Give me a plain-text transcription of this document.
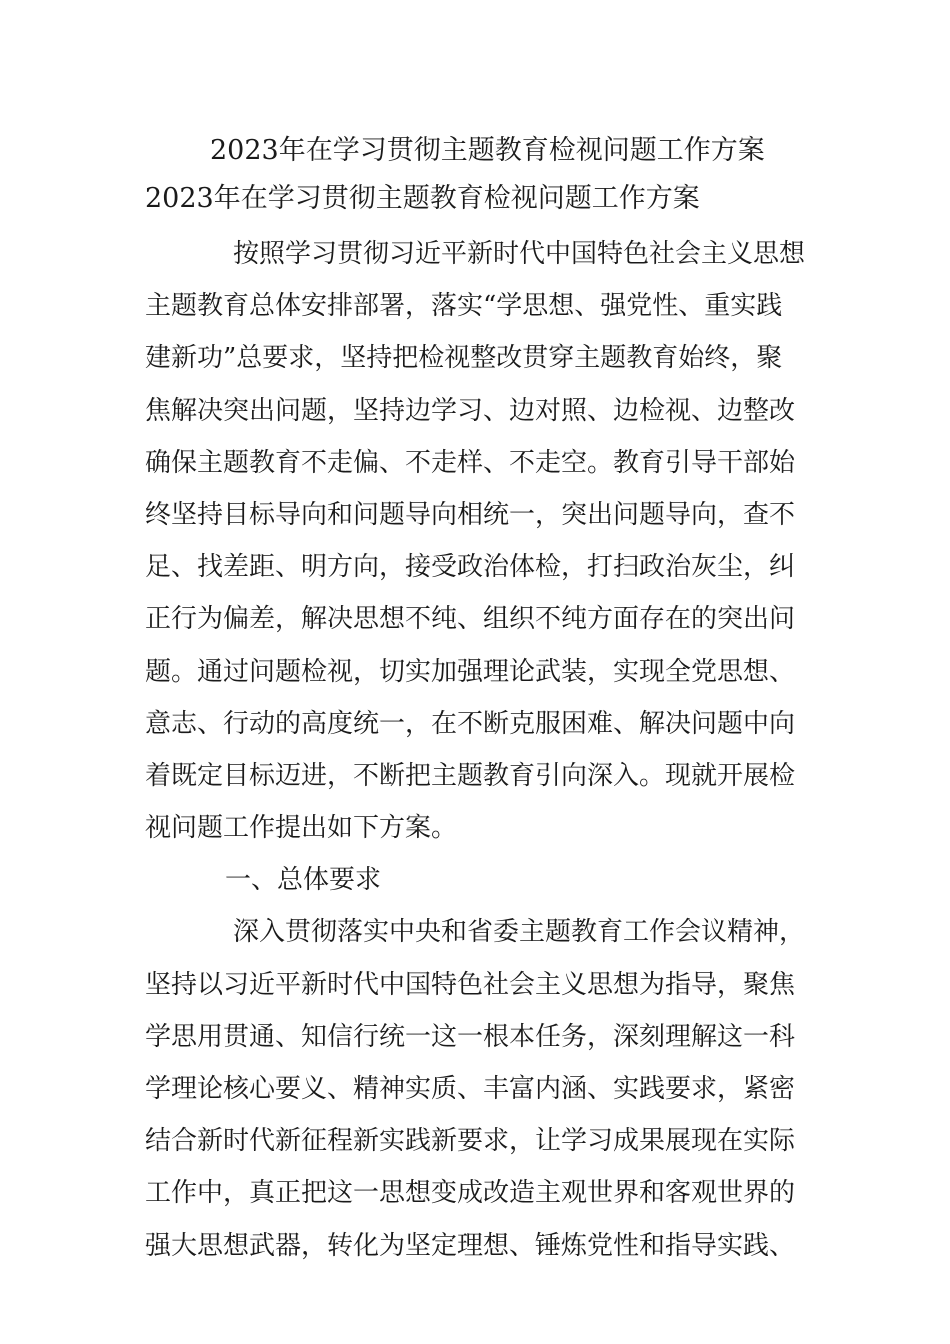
2023年在学习贯彻主题教育检视问题工作方案
2023年在学习贯彻主题教育检视问题工作方案
按照学习贯彻习近平新时代中国特色社会主义思想
主题教育总体安排部署，落实“学思想、强党性、重实践
建新功”总要求，坚持把检视整改贯穿主题教育始终，聚
焦解决突出问题，坚持边学习、边对照、边检视、边整改
确保主题教育不走偏、不走样、不走空。教育引导干部始
终坚持目标导向和问题导向相统一，突出问题导向，查不
足、找差距、明方向，接受政治体检，打扫政治灰尘，纠
正行为偏差，解决思想不纯、组织不纯方面存在的突出问
题。通过问题检视，切实加强理论武装，实现全党思想、
意志、行动的高度统一，在不断克服困难、解决问题中向
着既定目标迈进，不断把主题教育引向深入。现就开展检
视问题工作提出如下方案。
一、总体要求
深入贯彻落实中央和省委主题教育工作会议精神，
坚持以习近平新时代中国特色社会主义思想为指导，聚焦
学思用贯通、知信行统一这一根本任务，深刻理解这一科
学理论核心要义、精神实质、丰富内涵、实践要求，紧密
结合新时代新征程新实践新要求，让学习成果展现在实际
工作中，真正把这一思想变成改造主观世界和客观世界的
强大思想武器，转化为坚定理想、锤炼党性和指导实践、
